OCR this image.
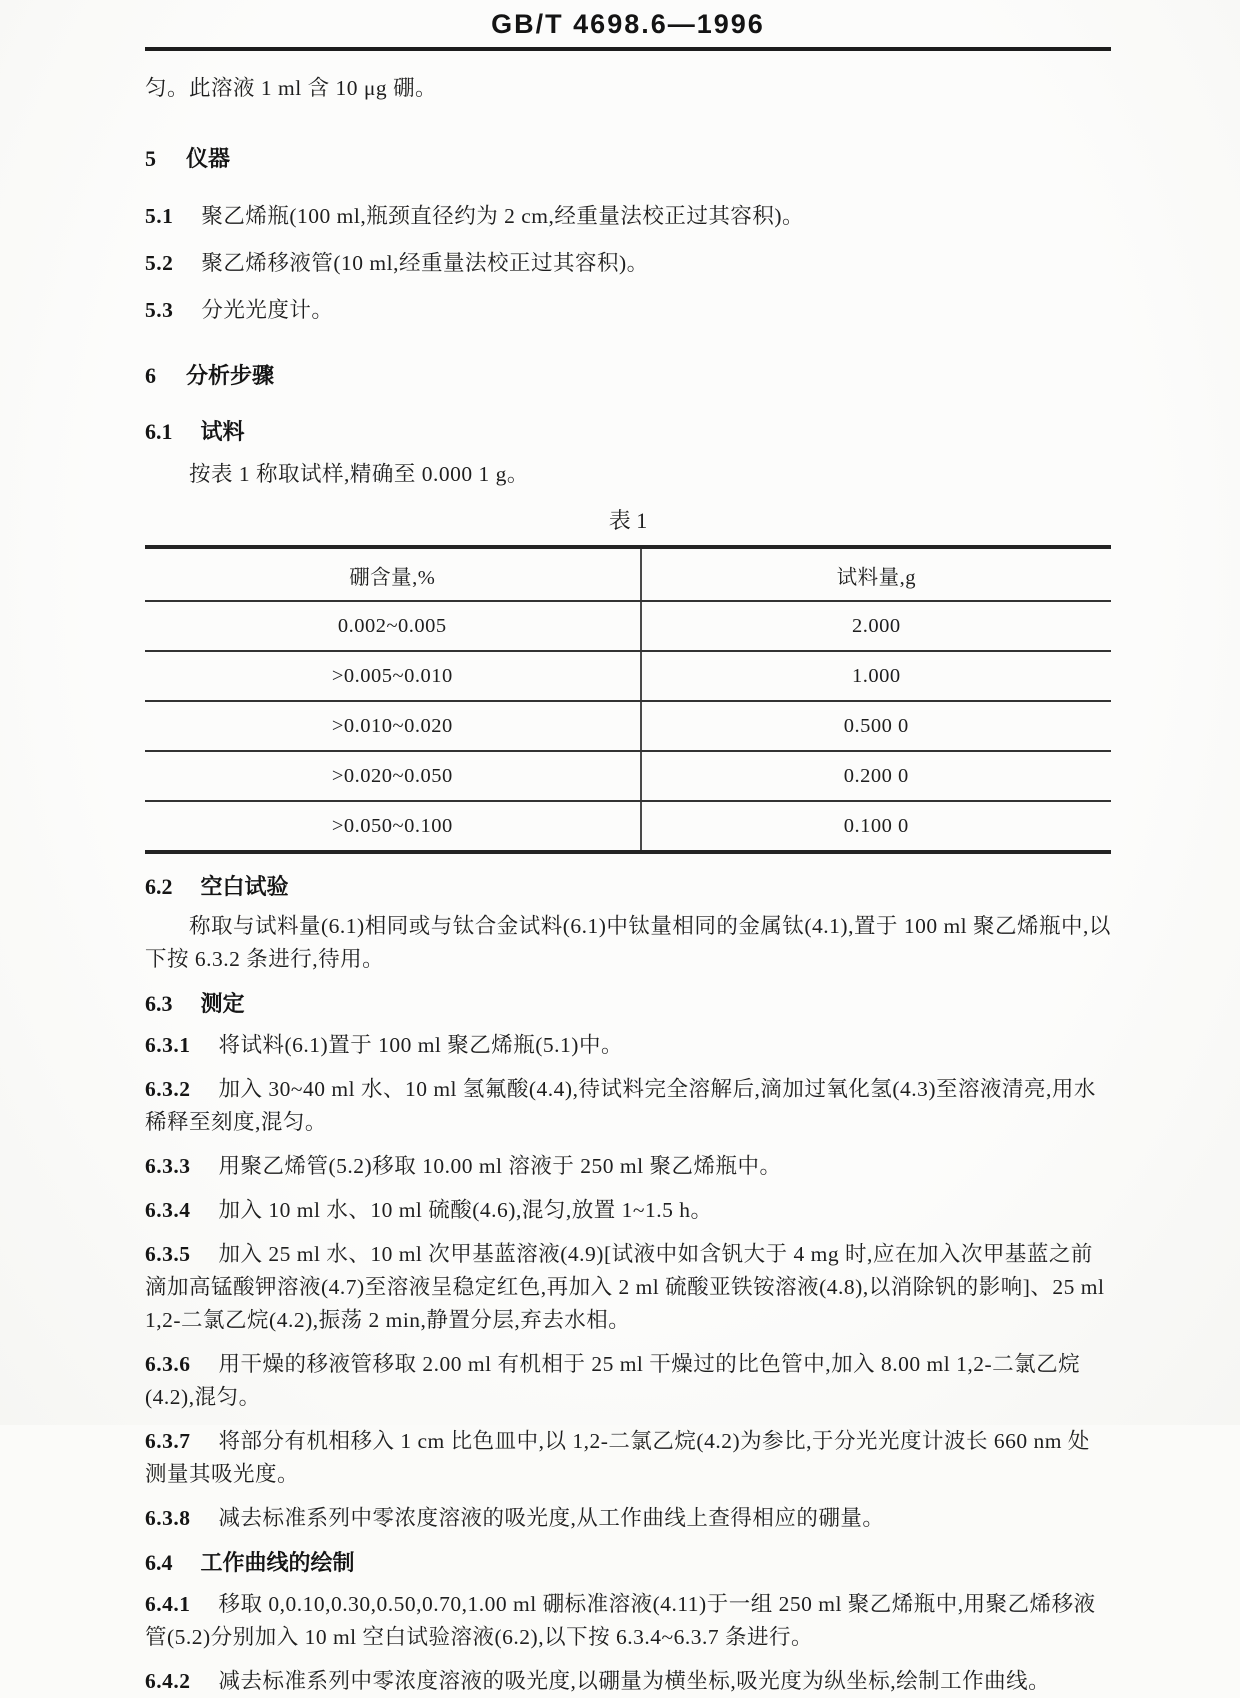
GB/T 4698.6—1996

匀。此溶液 1 ml 含 10 μg 硼。

5 仪器

5.1 聚乙烯瓶(100 ml,瓶颈直径约为 2 cm,经重量法校正过其容积)。

5.2 聚乙烯移液管(10 ml,经重量法校正过其容积)。

5.3 分光光度计。

6 分析步骤
6.1 试料

按表 1 称取试样,精确至 0.000 1 g。

表 1
硼含量,%	试料量,g
0.002~0.005	2.000
>0.005~0.010	1.000
>0.010~0.020	0.500 0
>0.020~0.050	0.200 0
>0.050~0.100	0.100 0
6.2 空白试验

称取与试料量(6.1)相同或与钛合金试料(6.1)中钛量相同的金属钛(4.1),置于 100 ml 聚乙烯瓶中,以下按 6.3.2 条进行,待用。

6.3 测定

6.3.1 将试料(6.1)置于 100 ml 聚乙烯瓶(5.1)中。

6.3.2 加入 30~40 ml 水、10 ml 氢氟酸(4.4),待试料完全溶解后,滴加过氧化氢(4.3)至溶液清亮,用水稀释至刻度,混匀。

6.3.3 用聚乙烯管(5.2)移取 10.00 ml 溶液于 250 ml 聚乙烯瓶中。

6.3.4 加入 10 ml 水、10 ml 硫酸(4.6),混匀,放置 1~1.5 h。

6.3.5 加入 25 ml 水、10 ml 次甲基蓝溶液(4.9)[试液中如含钒大于 4 mg 时,应在加入次甲基蓝之前滴加高锰酸钾溶液(4.7)至溶液呈稳定红色,再加入 2 ml 硫酸亚铁铵溶液(4.8),以消除钒的影响]、25 ml 1,2-二氯乙烷(4.2),振荡 2 min,静置分层,弃去水相。

6.3.6 用干燥的移液管移取 2.00 ml 有机相于 25 ml 干燥过的比色管中,加入 8.00 ml 1,2-二氯乙烷(4.2),混匀。

6.3.7 将部分有机相移入 1 cm 比色皿中,以 1,2-二氯乙烷(4.2)为参比,于分光光度计波长 660 nm 处测量其吸光度。

6.3.8 减去标准系列中零浓度溶液的吸光度,从工作曲线上查得相应的硼量。

6.4 工作曲线的绘制

6.4.1 移取 0,0.10,0.30,0.50,0.70,1.00 ml 硼标准溶液(4.11)于一组 250 ml 聚乙烯瓶中,用聚乙烯移液管(5.2)分别加入 10 ml 空白试验溶液(6.2),以下按 6.3.4~6.3.7 条进行。

6.4.2 减去标准系列中零浓度溶液的吸光度,以硼量为横坐标,吸光度为纵坐标,绘制工作曲线。
